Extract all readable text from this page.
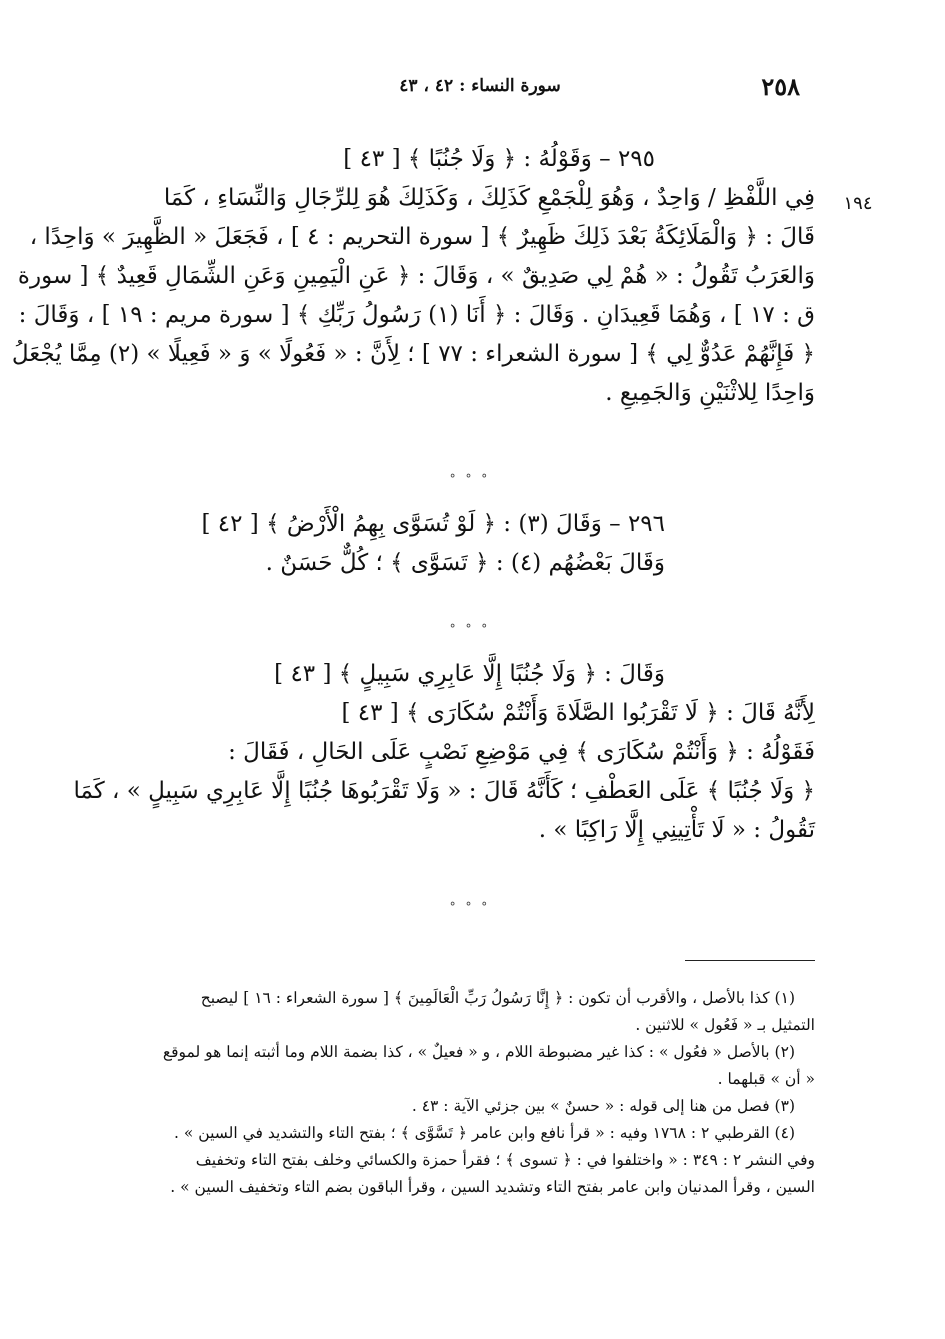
٢٥٨
سورة النساء : ٤٢ ، ٤٣
١٩٤
٢٩٥ – وَقَوْلُهُ : ﴿ وَلَا جُنُبًا ﴾ [ ٤٣ ]
فِي اللَّفْظِ / وَاحِدٌ ، وَهُوَ لِلْجَمْعِ كَذَلِكَ ، وَكَذَلِكَ هُوَ لِلرِّجَالِ وَالنِّسَاءِ ، كَمَا
قَالَ : ﴿ وَالْمَلَائِكَةُ بَعْدَ ذَلِكَ ظَهِيرٌ ﴾ [ سورة التحريم : ٤ ] ، فَجَعَلَ « الظَّهِيرَ » وَاحِدًا ،
وَالعَرَبُ تَقُولُ : « هُمْ لِي صَدِيقٌ » ، وَقَالَ : ﴿ عَنِ الْيَمِينِ وَعَنِ الشِّمَالِ قَعِيدٌ ﴾ [ سورة
ق : ١٧ ] ، وَهُمَا قَعِيدَانِ . وَقَالَ : ﴿ أَنَا (١) رَسُولُ رَبِّكِ ﴾ [ سورة مريم : ١٩ ] ، وَقَالَ :
﴿ فَإِنَّهُمْ عَدُوٌّ لِي ﴾ [ سورة الشعراء : ٧٧ ] ؛ لِأَنَّ : « فَعُولًا » وَ « فَعِيلًا » (٢) مِمَّا يُجْعَلُ
وَاحِدًا لِلاثْنَيْنِ وَالجَمِيعِ .
° ° °
٢٩٦ – وَقَالَ (٣) : ﴿ لَوْ تُسَوَّى بِهِمُ الْأَرْضُ ﴾ [ ٤٢ ]
وَقَالَ بَعْضُهُم (٤) : ﴿ تَسَوَّى ﴾ ؛ كُلٌّ حَسَنٌ .
° ° °
وَقَالَ : ﴿ وَلَا جُنُبًا إِلَّا عَابِرِي سَبِيلٍ ﴾ [ ٤٣ ]
لِأَنَّهُ قَالَ : ﴿ لَا تَقْرَبُوا الصَّلَاةَ وَأَنْتُمْ سُكَارَى ﴾ [ ٤٣ ]
فَقَوْلُهُ : ﴿ وَأَنْتُمْ سُكَارَى ﴾ فِي مَوْضِعِ نَصْبٍ عَلَى الحَالِ ، فَقَالَ :
﴿ وَلَا جُنُبًا ﴾ عَلَى العَطْفِ ؛ كَأَنَّهُ قَالَ : « وَلَا تَقْرَبُوهَا جُنُبًا إِلَّا عَابِرِي سَبِيلٍ » ، كَمَا
تَقُولُ : « لَا تَأْتِينِي إِلَّا رَاكِبًا » .
° ° °
(١) كذا بالأصل ، والأقرب أن تكون : ﴿ إِنَّا رَسُولُ رَبِّ الْعَالَمِينَ ﴾ [ سورة الشعراء : ١٦ ] ليصبح
التمثيل بـ « فَعُول » للاثنين .
(٢) بالأصل « فعُول » : كذا غير مضبوطة اللام ، و « فعيلٌ » ، كذا بضمة اللام وما أثبته إنما هو لموقع
« أن » قبلهما .
(٣) فصل من هنا إلى قوله : « حسنٌ » بين جزئي الآية : ٤٣ .
(٤) القرطبي ٢ : ١٧٦٨ وفيه : « قرأ نافع وابن عامر ﴿ تَسَّوَّى ﴾ ؛ بفتح التاء والتشديد في السين » .
وفي النشر ٢ : ٣٤٩ : « واختلفوا في : ﴿ تسوى ﴾ ؛ فقرأ حمزة والكسائي وخلف بفتح التاء وتخفيف
السين ، وقرأ المدنيان وابن عامر بفتح التاء وتشديد السين ، وقرأ الباقون بضم التاء وتخفيف السين » .
